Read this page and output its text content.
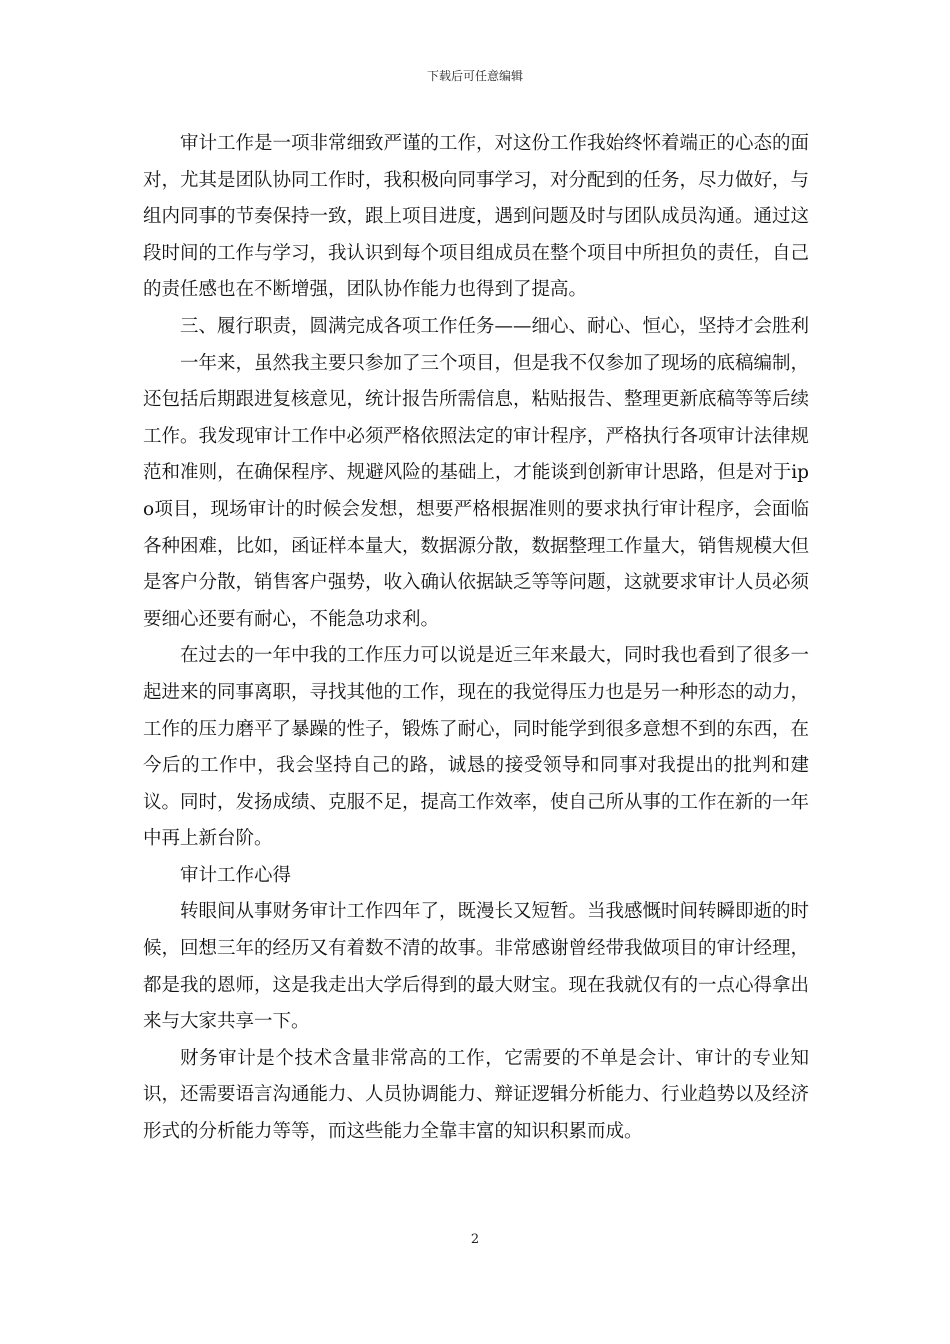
下载后可任意编辑

审计工作是一项非常细致严谨的工作，对这份工作我始终怀着端正的心态的面对，尤其是团队协同工作时，我积极向同事学习，对分配到的任务，尽力做好，与组内同事的节奏保持一致，跟上项目进度，遇到问题及时与团队成员沟通。通过这段时间的工作与学习，我认识到每个项目组成员在整个项目中所担负的责任，自己的责任感也在不断增强，团队协作能力也得到了提高。

三、履行职责，圆满完成各项工作任务——细心、耐心、恒心，坚持才会胜利

一年来，虽然我主要只参加了三个项目，但是我不仅参加了现场的底稿编制，还包括后期跟进复核意见，统计报告所需信息，粘贴报告、整理更新底稿等等后续工作。我发现审计工作中必须严格依照法定的审计程序，严格执行各项审计法律规范和准则，在确保程序、规避风险的基础上，才能谈到创新审计思路，但是对于ipo项目，现场审计的时候会发想，想要严格根据准则的要求执行审计程序，会面临各种困难，比如，函证样本量大，数据源分散，数据整理工作量大，销售规模大但是客户分散，销售客户强势，收入确认依据缺乏等等问题，这就要求审计人员必须要细心还要有耐心，不能急功求利。

在过去的一年中我的工作压力可以说是近三年来最大，同时我也看到了很多一起进来的同事离职，寻找其他的工作，现在的我觉得压力也是另一种形态的动力，工作的压力磨平了暴躁的性子，锻炼了耐心，同时能学到很多意想不到的东西，在今后的工作中，我会坚持自己的路，诚恳的接受领导和同事对我提出的批判和建议。同时，发扬成绩、克服不足，提高工作效率，使自己所从事的工作在新的一年中再上新台阶。

审计工作心得

转眼间从事财务审计工作四年了，既漫长又短暂。当我感慨时间转瞬即逝的时候，回想三年的经历又有着数不清的故事。非常感谢曾经带我做项目的审计经理，都是我的恩师，这是我走出大学后得到的最大财宝。现在我就仅有的一点心得拿出来与大家共享一下。

财务审计是个技术含量非常高的工作，它需要的不单是会计、审计的专业知识，还需要语言沟通能力、人员协调能力、辩证逻辑分析能力、行业趋势以及经济形式的分析能力等等，而这些能力全靠丰富的知识积累而成。

2
